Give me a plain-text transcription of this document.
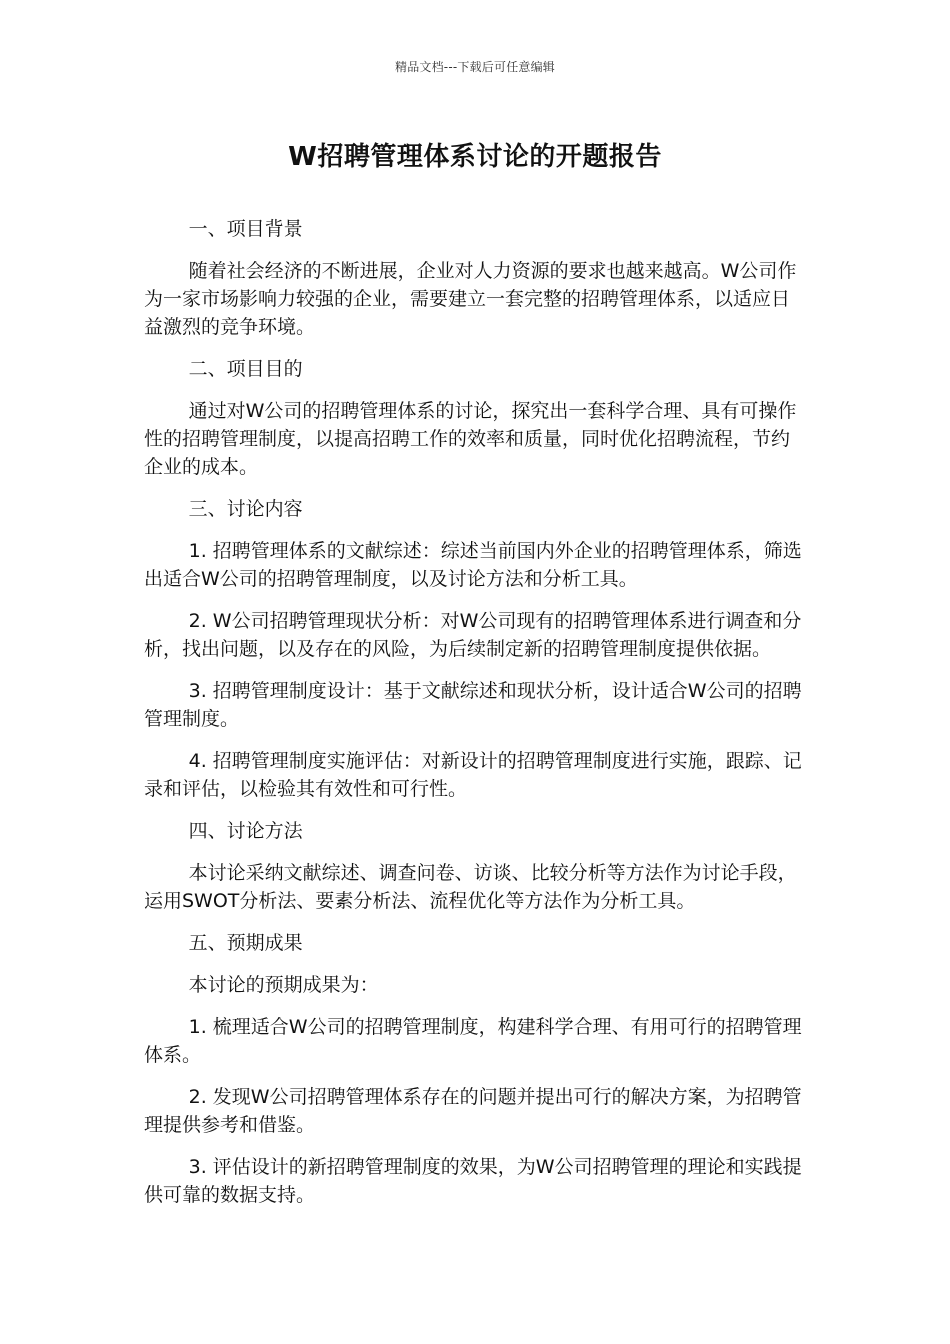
精品文档---下载后可任意编辑
W招聘管理体系讨论的开题报告

一、项目背景

随着社会经济的不断进展，企业对人力资源的要求也越来越高。W公司作为一家市场影响力较强的企业，需要建立一套完整的招聘管理体系，以适应日益激烈的竞争环境。

二、项目目的

通过对W公司的招聘管理体系的讨论，探究出一套科学合理、具有可操作性的招聘管理制度，以提高招聘工作的效率和质量，同时优化招聘流程，节约企业的成本。

三、讨论内容

1. 招聘管理体系的文献综述：综述当前国内外企业的招聘管理体系，筛选出适合W公司的招聘管理制度，以及讨论方法和分析工具。

2. W公司招聘管理现状分析：对W公司现有的招聘管理体系进行调查和分析，找出问题，以及存在的风险，为后续制定新的招聘管理制度提供依据。

3. 招聘管理制度设计：基于文献综述和现状分析，设计适合W公司的招聘管理制度。

4. 招聘管理制度实施评估：对新设计的招聘管理制度进行实施，跟踪、记录和评估，以检验其有效性和可行性。

四、讨论方法

本讨论采纳文献综述、调查问卷、访谈、比较分析等方法作为讨论手段，运用SWOT分析法、要素分析法、流程优化等方法作为分析工具。

五、预期成果

本讨论的预期成果为：

1. 梳理适合W公司的招聘管理制度，构建科学合理、有用可行的招聘管理体系。

2. 发现W公司招聘管理体系存在的问题并提出可行的解决方案，为招聘管理提供参考和借鉴。

3. 评估设计的新招聘管理制度的效果，为W公司招聘管理的理论和实践提供可靠的数据支持。
